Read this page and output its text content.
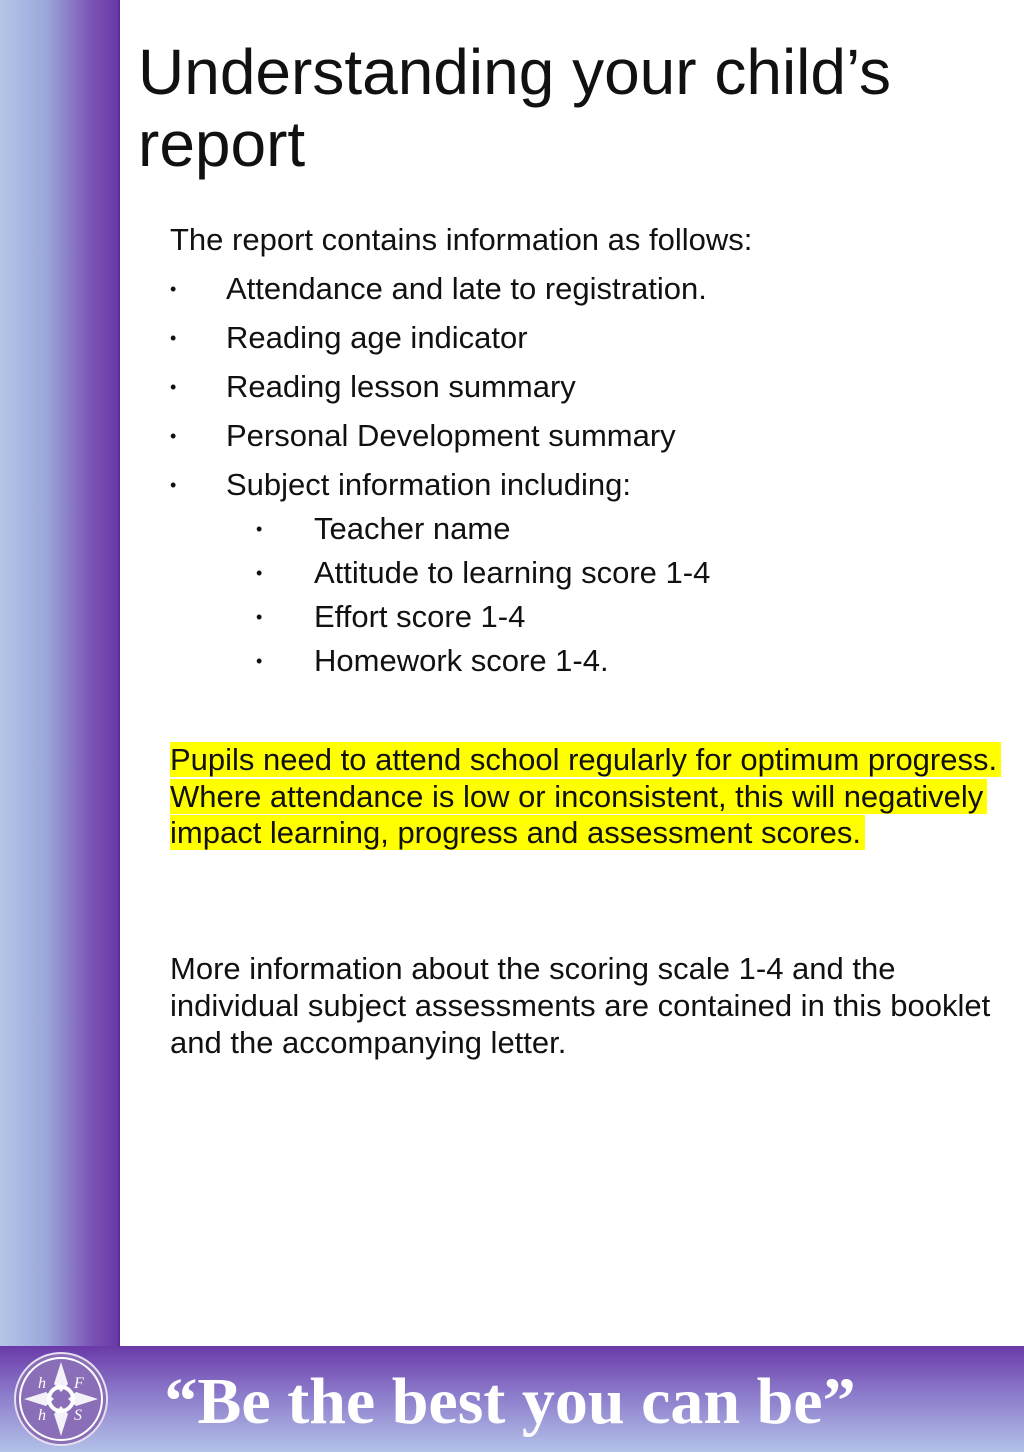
Understanding your child’s report

The report contains information as follows:

• Attendance and late to registration.
• Reading age indicator
• Reading lesson summary
• Personal Development summary
• Subject information including:
• Teacher name
• Attitude to learning score 1-4
• Effort score 1-4
• Homework score 1-4.

Pupils need to attend school regularly for optimum progress. Where attendance is low or inconsistent, this will negatively impact learning, progress and assessment scores.

More information about the scoring scale 1-4 and the individual subject assessments are contained in this booklet and the accompanying letter.

h F
h S	“Be the best you can be”
